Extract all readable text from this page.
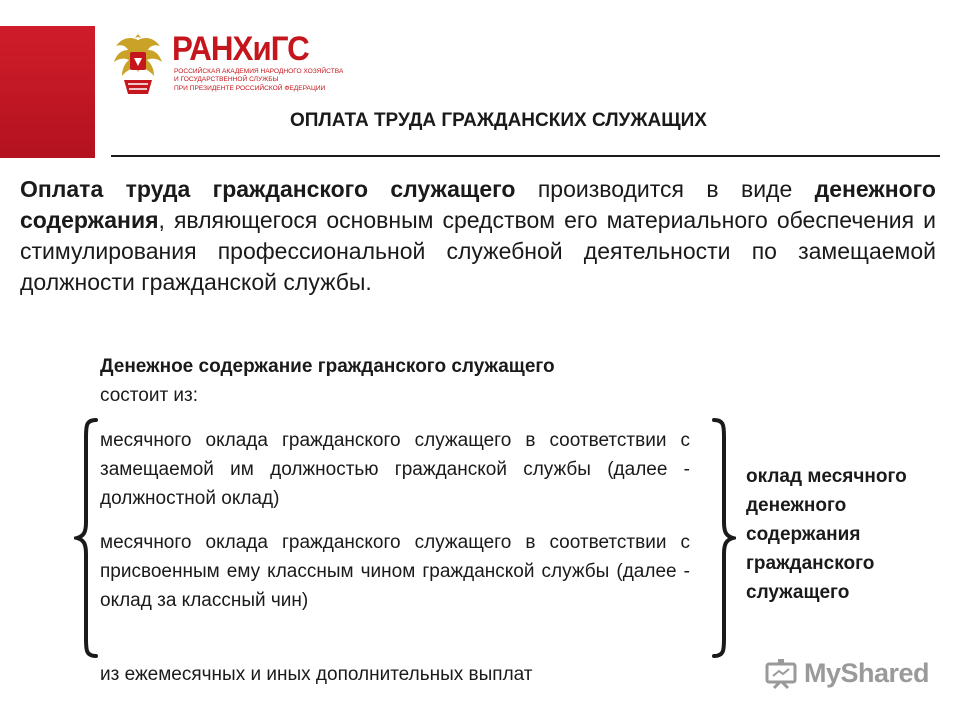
РАНХиГС
РОССИЙСКАЯ АКАДЕМИЯ НАРОДНОГО ХОЗЯЙСТВА
И ГОСУДАРСТВЕННОЙ СЛУЖБЫ
ПРИ ПРЕЗИДЕНТЕ РОССИЙСКОЙ ФЕДЕРАЦИИ
ОПЛАТА ТРУДА ГРАЖДАНСКИХ СЛУЖАЩИХ
Оплата труда гражданского служащего производится в виде денежного содержания, являющегося основным средством его материального обеспечения и стимулирования профессиональной служебной деятельности по замещаемой должности гражданской службы.
Денежное содержание гражданского служащего
состоит из:
месячного оклада гражданского служащего в соответствии с замещаемой им должностью гражданской службы (далее - должностной оклад)
месячного оклада гражданского служащего в соответствии с присвоенным ему классным чином гражданской службы (далее - оклад за классный чин)
из ежемесячных и иных дополнительных выплат
оклад месячного денежного содержания гражданского служащего
MyShared
